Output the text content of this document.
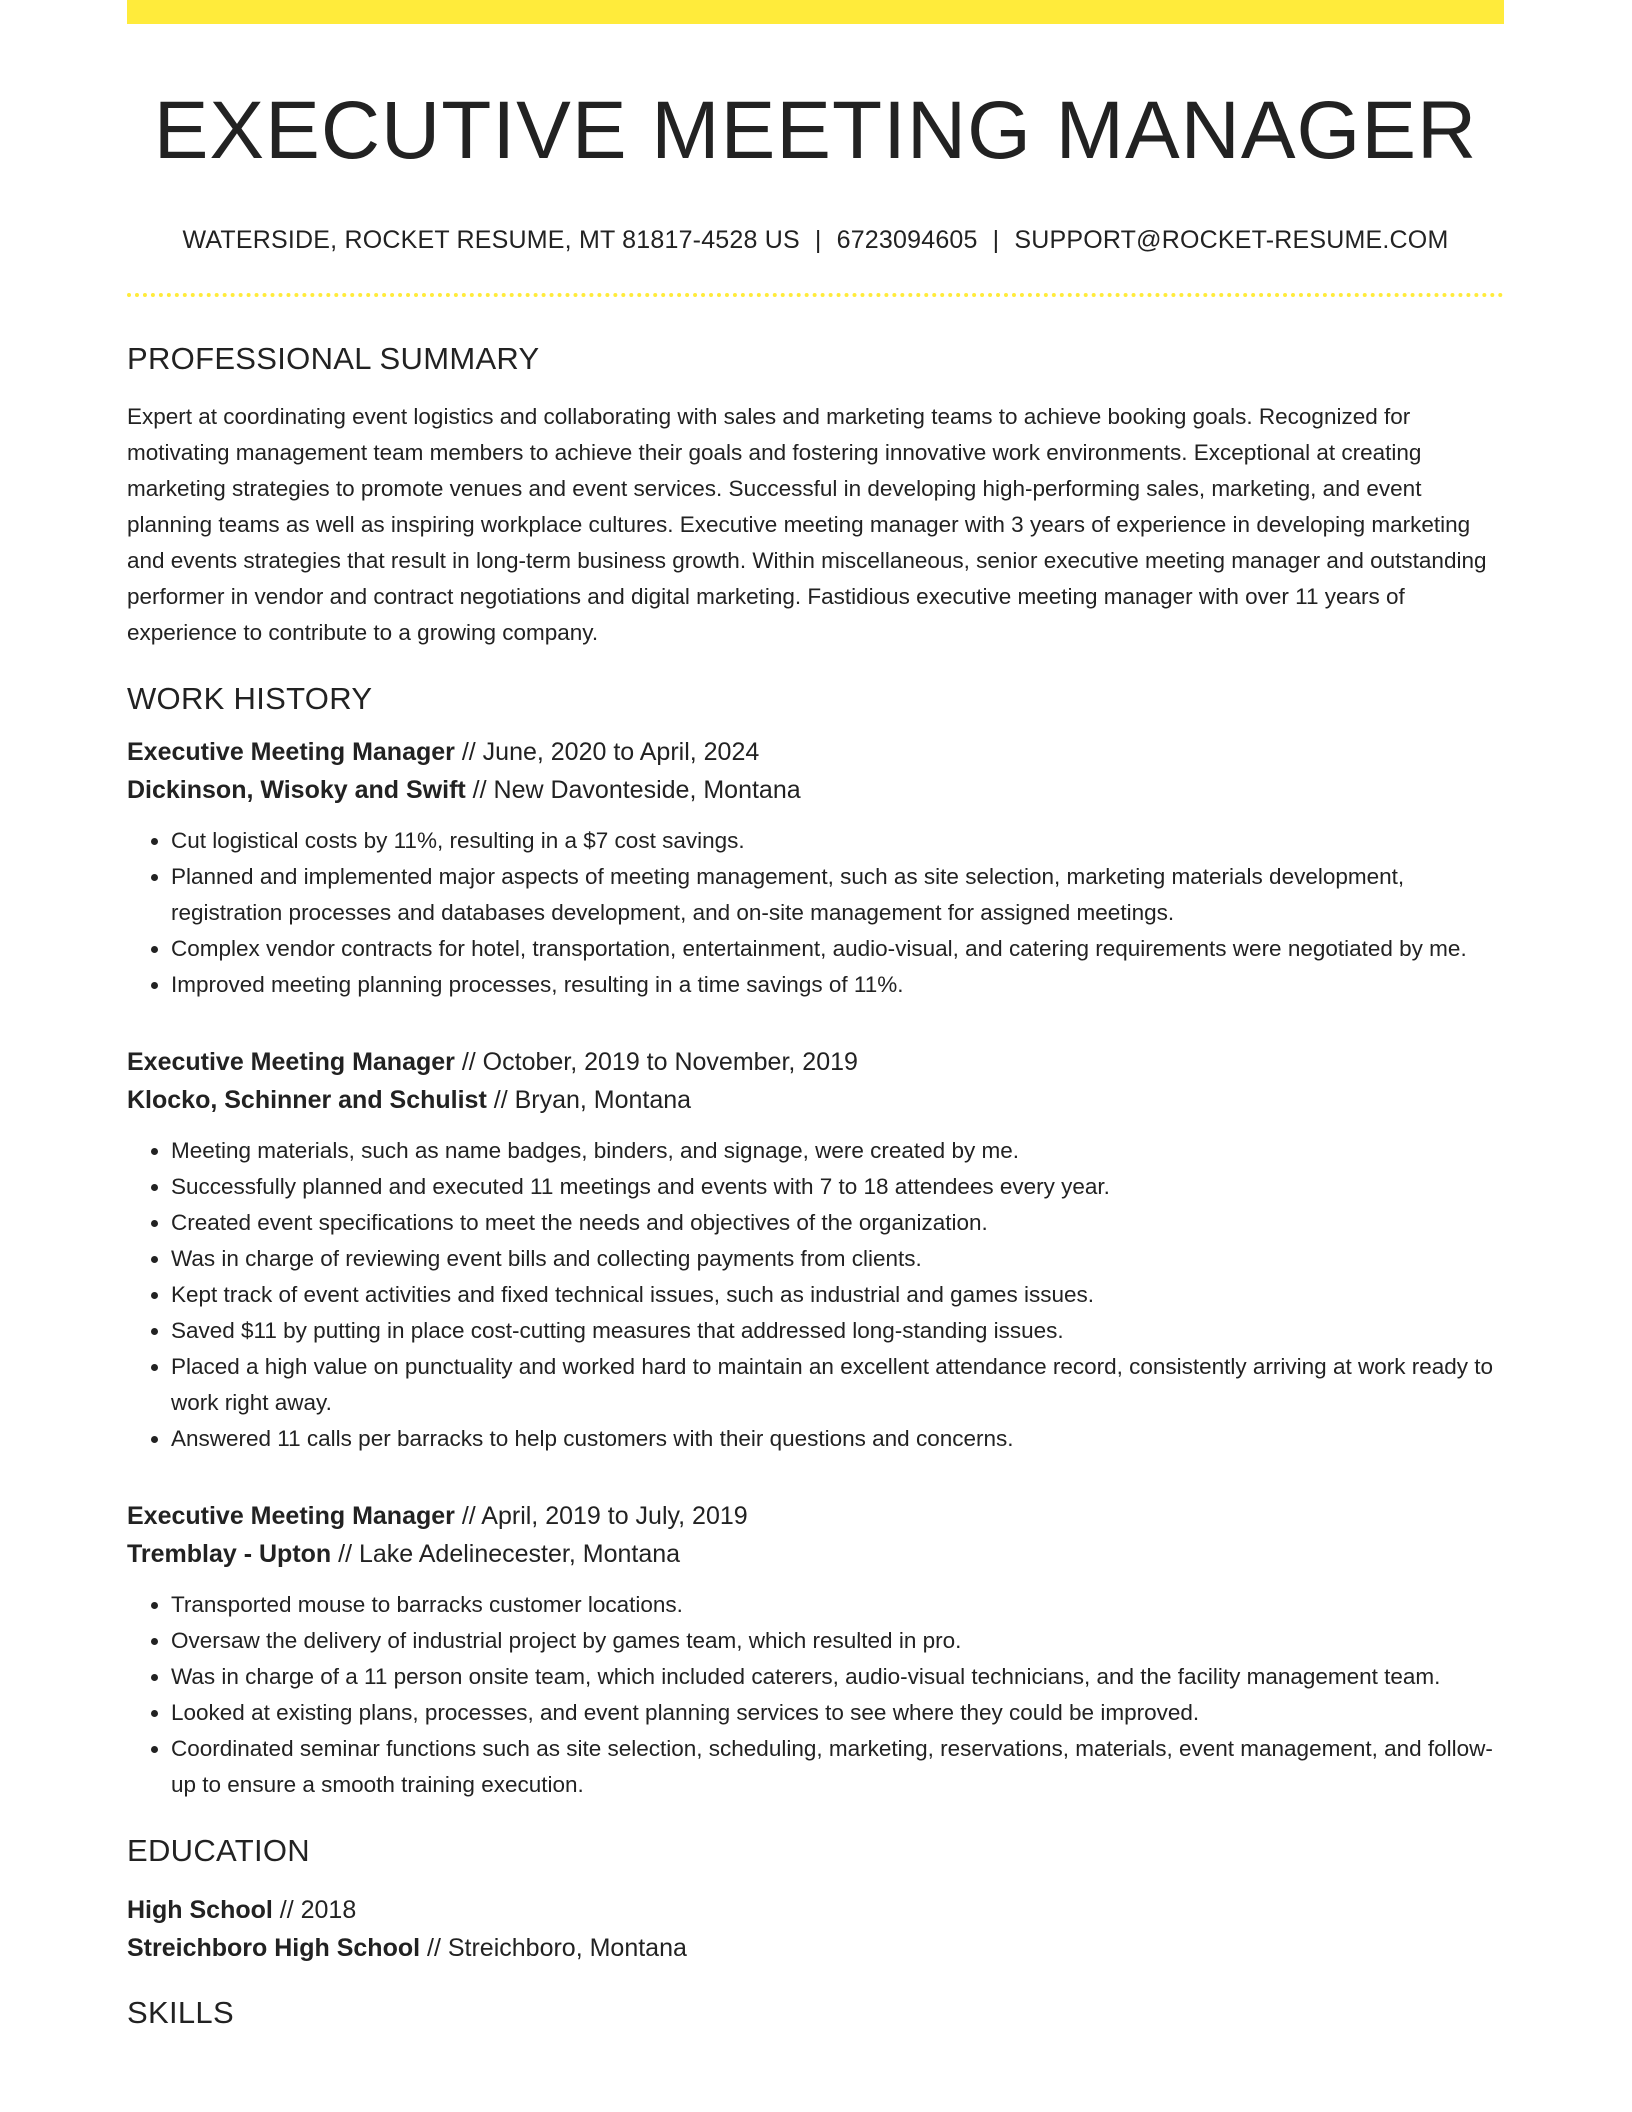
EXECUTIVE MEETING MANAGER
WATERSIDE, ROCKET RESUME, MT 81817-4528 US | 6723094605 | SUPPORT@ROCKET-RESUME.COM
PROFESSIONAL SUMMARY

Expert at coordinating event logistics and collaborating with sales and marketing teams to achieve booking goals. Recognized for motivating management team members to achieve their goals and fostering innovative work environments. Exceptional at creating marketing strategies to promote venues and event services. Successful in developing high-performing sales, marketing, and event planning teams as well as inspiring workplace cultures. Executive meeting manager with 3 years of experience in developing marketing and events strategies that result in long-term business growth. Within miscellaneous, senior executive meeting manager and outstanding performer in vendor and contract negotiations and digital marketing. Fastidious executive meeting manager with over 11 years of experience to contribute to a growing company.

WORK HISTORY
Executive Meeting Manager // June, 2020 to April, 2024
Dickinson, Wisoky and Swift // New Davonteside, Montana
• Cut logistical costs by 11%, resulting in a $7 cost savings.
• Planned and implemented major aspects of meeting management, such as site selection, marketing materials development, registration processes and databases development, and on-site management for assigned meetings.
• Complex vendor contracts for hotel, transportation, entertainment, audio-visual, and catering requirements were negotiated by me.
• Improved meeting planning processes, resulting in a time savings of 11%.
Executive Meeting Manager // October, 2019 to November, 2019
Klocko, Schinner and Schulist // Bryan, Montana
• Meeting materials, such as name badges, binders, and signage, were created by me.
• Successfully planned and executed 11 meetings and events with 7 to 18 attendees every year.
• Created event specifications to meet the needs and objectives of the organization.
• Was in charge of reviewing event bills and collecting payments from clients.
• Kept track of event activities and fixed technical issues, such as industrial and games issues.
• Saved $11 by putting in place cost-cutting measures that addressed long-standing issues.
• Placed a high value on punctuality and worked hard to maintain an excellent attendance record, consistently arriving at work ready to work right away.
• Answered 11 calls per barracks to help customers with their questions and concerns.
Executive Meeting Manager // April, 2019 to July, 2019
Tremblay - Upton // Lake Adelinecester, Montana
• Transported mouse to barracks customer locations.
• Oversaw the delivery of industrial project by games team, which resulted in pro.
• Was in charge of a 11 person onsite team, which included caterers, audio-visual technicians, and the facility management team.
• Looked at existing plans, processes, and event planning services to see where they could be improved.
• Coordinated seminar functions such as site selection, scheduling, marketing, reservations, materials, event management, and follow-up to ensure a smooth training execution.
EDUCATION
High School // 2018
Streichboro High School // Streichboro, Montana
SKILLS
